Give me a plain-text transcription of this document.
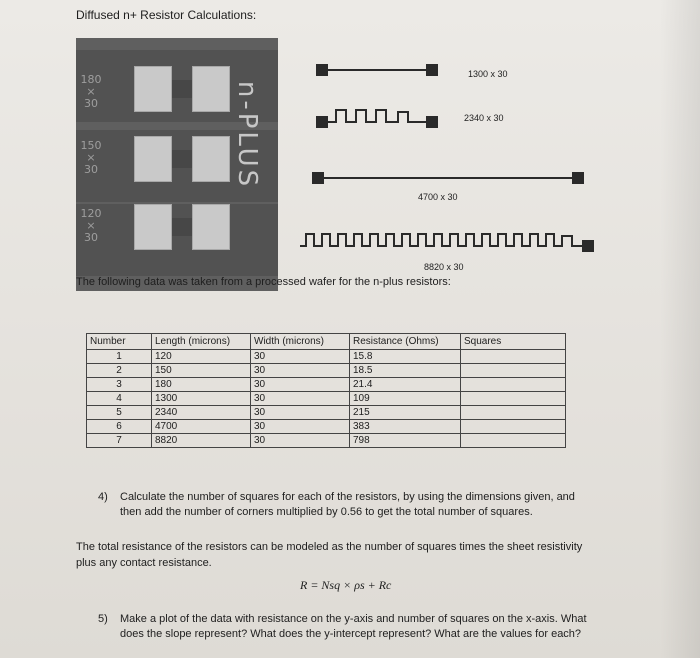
Diffused n+ Resistor Calculations:
180
×
30
150
×
30
120
×
30
n-PLUS
1300 x 30
2340 x 30
4700 x 30
8820 x 30
The following data was taken from a processed wafer for the n-plus resistors:
Number	Length (microns)	Width (microns)	Resistance (Ohms)	Squares
1	120	30	15.8	
2	150	30	18.5	
3	180	30	21.4	
4	1300	30	109	
5	2340	30	215	
6	4700	30	383	
7	8820	30	798	
4) Calculate the number of squares for each of the resistors, by using the dimensions given, and
then add the number of corners multiplied by 0.56 to get the total number of squares.
The total resistance of the resistors can be modeled as the number of squares times the sheet resistivity
plus any contact resistance.
R = Nsq × ρs + Rc
5) Make a plot of the data with resistance on the y-axis and number of squares on the x-axis. What
does the slope represent? What does the y-intercept represent? What are the values for each?
